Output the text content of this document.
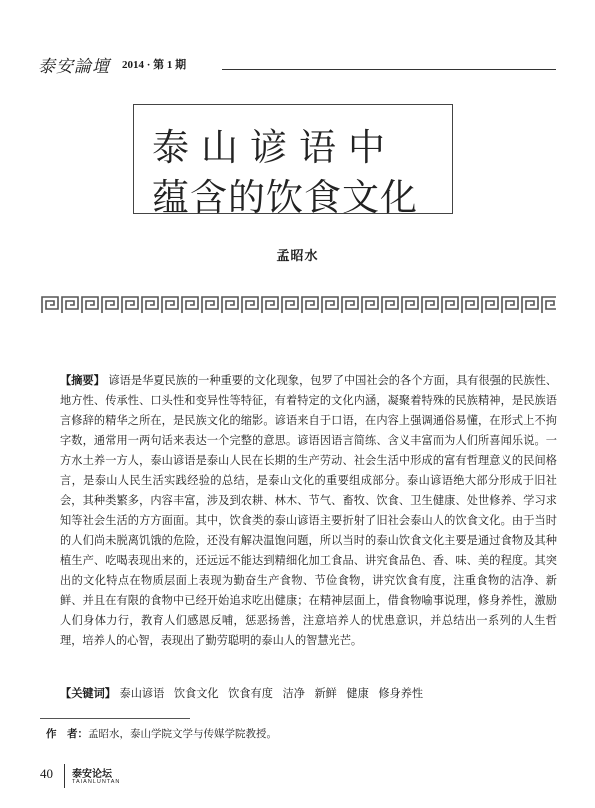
泰安論壇 2014 · 第 1 期
泰山谚语中
蕴含的饮食文化
孟昭水
【摘要】 谚语是华夏民族的一种重要的文化现象，包罗了中国社会的各个方面，具有很强的民族性、地方性、传承性、口头性和变异性等特征，有着特定的文化内涵，凝聚着特殊的民族精神，是民族语言修辞的精华之所在，是民族文化的缩影。谚语来自于口语，在内容上强调通俗易懂，在形式上不拘字数，通常用一两句话来表达一个完整的意思。谚语因语言简练、含义丰富而为人们所喜闻乐说。一方水土养一方人，泰山谚语是泰山人民在长期的生产劳动、社会生活中形成的富有哲理意义的民间格言，是泰山人民生活实践经验的总结，是泰山文化的重要组成部分。泰山谚语绝大部分形成于旧社会，其种类繁多，内容丰富，涉及到农耕、林木、节气、畜牧、饮食、卫生健康、处世修养、学习求知等社会生活的方方面面。其中，饮食类的泰山谚语主要折射了旧社会泰山人的饮食文化。由于当时的人们尚未脱离饥饿的危险，还没有解决温饱问题，所以当时的泰山饮食文化主要是通过食物及其种植生产、吃喝表现出来的，还远远不能达到精细化加工食品、讲究食品色、香、味、美的程度。其突出的文化特点在物质层面上表现为勤奋生产食物、节俭食物，讲究饮食有度，注重食物的洁净、新鲜、并且在有限的食物中已经开始追求吃出健康；在精神层面上，借食物喻事说理，修身养性，激励人们身体力行，教育人们感恩反哺，惩恶扬善，注意培养人的忧患意识，并总结出一系列的人生哲理，培养人的心智，表现出了勤劳聪明的泰山人的智慧光芒。
【关键词】 泰山谚语 饮食文化 饮食有度 洁净 新鲜 健康 修身养性
作　者：孟昭水，泰山学院文学与传媒学院教授。
40 泰安论坛
TAIANLUNTAN
